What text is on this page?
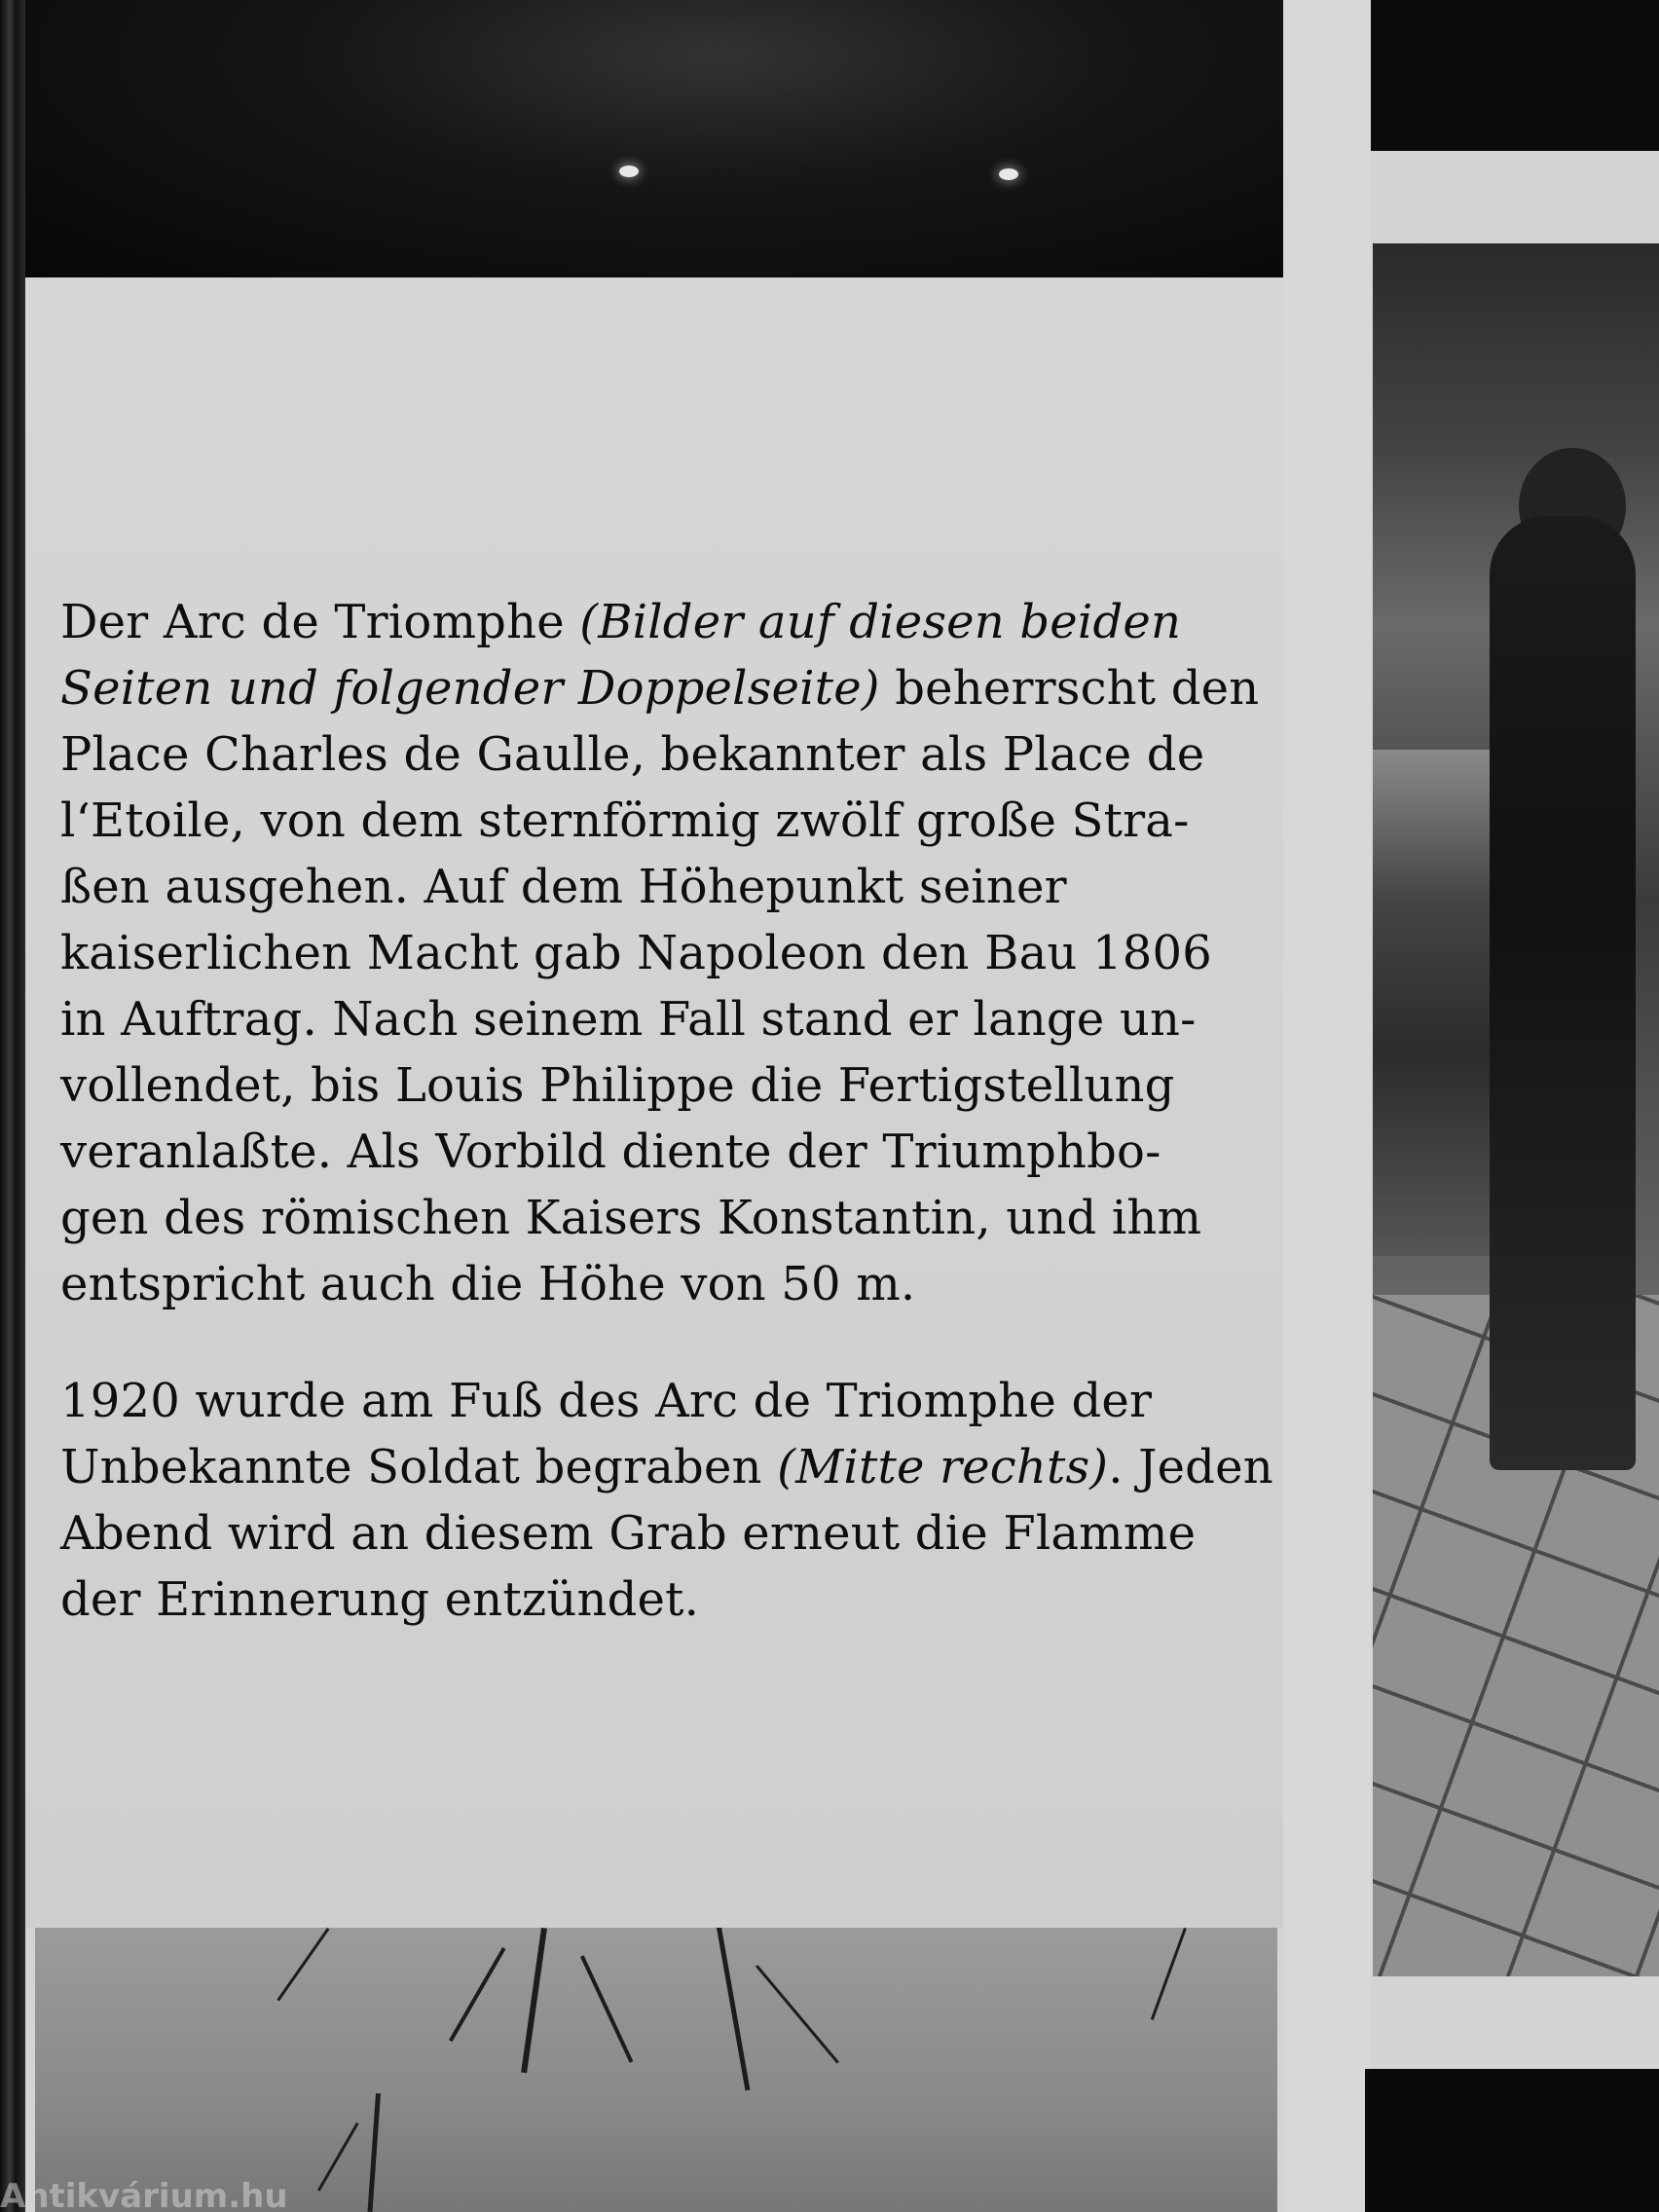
Der Arc de Triomphe (Bilder auf diesen beiden
Seiten und folgender Doppelseite) beherrscht den
Place Charles de Gaulle, bekannter als Place de
l‘Etoile, von dem sternförmig zwölf große Stra-
ßen ausgehen. Auf dem Höhepunkt seiner
kaiserlichen Macht gab Napoleon den Bau 1806
in Auftrag. Nach seinem Fall stand er lange un-
vollendet, bis Louis Philippe die Fertigstellung
veranlaßte. Als Vorbild diente der Triumphbo-
gen des römischen Kaisers Konstantin, und ihm
entspricht auch die Höhe von 50 m.

1920 wurde am Fuß des Arc de Triomphe der
Unbekannte Soldat begraben (Mitte rechts). Jeden
Abend wird an diesem Grab erneut die Flamme
der Erinnerung entzündet.

Antikvárium.hu
